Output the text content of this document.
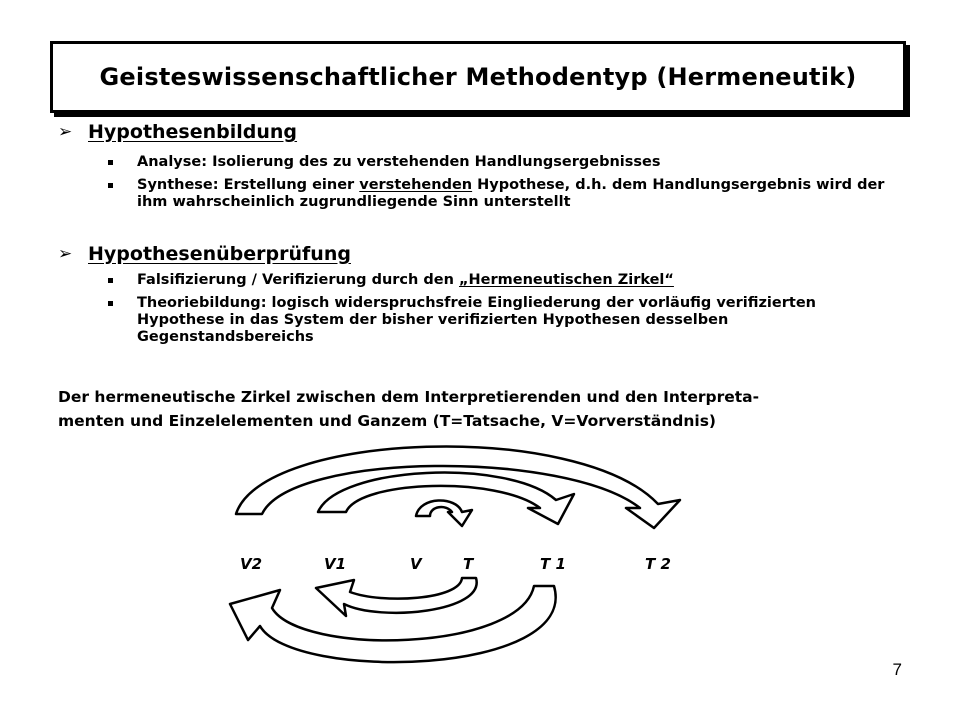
Geisteswissenschaftlicher Methodentyp (Hermeneutik)
➢ Hypothesenbildung
Analyse: Isolierung des zu verstehenden Handlungsergebnisses
Synthese: Erstellung einer verstehenden Hypothese, d.h. dem Handlungsergebnis wird der ihm wahrscheinlich zugrundliegende Sinn unterstellt
➢ Hypothesenüberprüfung
Falsifizierung / Verifizierung durch den „Hermeneutischen Zirkel“
Theoriebildung: logisch widerspruchsfreie Eingliederung der vorläufig verifizierten Hypothese in das System der bisher verifizierten Hypothesen desselben Gegenstandsbereichs
Der hermeneutische Zirkel zwischen dem Interpretierenden und den Interpreta-
menten und Einzelelementen und Ganzem (T=Tatsache, V=Vorverständnis)
V2	V1	V	T	T 1	T 2
7
